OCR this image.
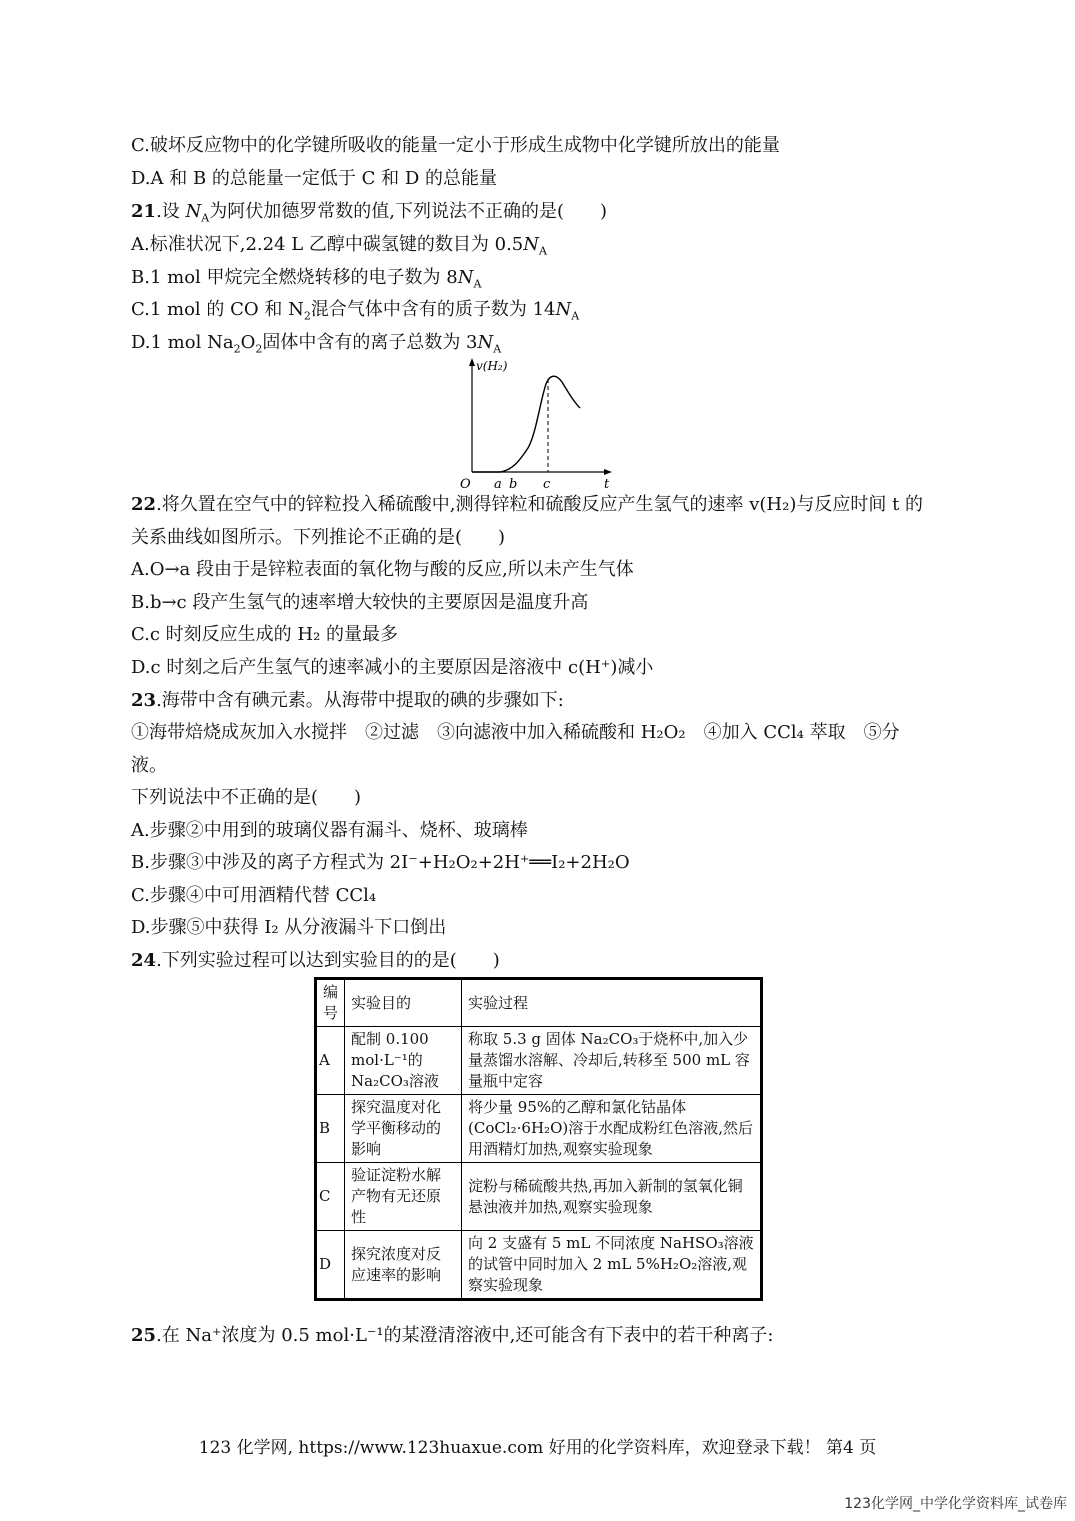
C.破坏反应物中的化学键所吸收的能量一定小于形成生成物中化学键所放出的能量
D.A 和 B 的总能量一定低于 C 和 D 的总能量
21.设 $N_A$为阿伏加德罗常数的值,下列说法不正确的是(　　)
A.标准状况下,2.24 L 乙醇中碳氢键的数目为 $0.5N_A$
B.1 mol 甲烷完全燃烧转移的电子数为 $8N_A$
C.1 mol 的 CO 和 $N_2$混合气体中含有的质子数为 $14N_A$
D.1 mol $Na_2O_2$固体中含有的离子总数为 $3N_A$
v(H₂)
O a b c	t
22.将久置在空气中的锌粒投入稀硫酸中,测得锌粒和硫酸反应产生氢气的速率 v(H₂)与反应时间 t 的
关系曲线如图所示。下列推论不正确的是(　　)
A.O→a 段由于是锌粒表面的氧化物与酸的反应,所以未产生气体
B.b→c 段产生氢气的速率增大较快的主要原因是温度升高
C.c 时刻反应生成的 H₂ 的量最多
D.c 时刻之后产生氢气的速率减小的主要原因是溶液中 c(H⁺)减小
23.海带中含有碘元素。从海带中提取的碘的步骤如下:
①海带焙烧成灰加入水搅拌　②过滤　③向滤液中加入稀硫酸和 H₂O₂　④加入 CCl₄ 萃取　⑤分
液。
下列说法中不正确的是(　　)
A.步骤②中用到的玻璃仪器有漏斗、烧杯、玻璃棒
B.步骤③中涉及的离子方程式为 2I⁻+H₂O₂+2H⁺══I₂+2H₂O
C.步骤④中可用酒精代替 CCl₄
D.步骤⑤中获得 I₂ 从分液漏斗下口倒出
24.下列实验过程可以达到实验目的的是(　　)
编号	实验目的	实验过程
A	配制 0.100 mol·L⁻¹的 Na₂CO₃溶液	称取 5.3 g 固体 Na₂CO₃于烧杯中,加入少量蒸馏水溶解、冷却后,转移至 500 mL 容量瓶中定容
B	探究温度对化学平衡移动的影响	将少量 95%的乙醇和氯化钴晶体(CoCl₂·6H₂O)溶于水配成粉红色溶液,然后用酒精灯加热,观察实验现象
C	验证淀粉水解产物有无还原性	淀粉与稀硫酸共热,再加入新制的氢氧化铜悬浊液并加热,观察实验现象
D	探究浓度对反应速率的影响	向 2 支盛有 5 mL 不同浓度 NaHSO₃溶液的试管中同时加入 2 mL 5%H₂O₂溶液,观察实验现象
25.在 Na⁺浓度为 0.5 mol·L⁻¹的某澄清溶液中,还可能含有下表中的若干种离子:
123 化学网, https://www.123huaxue.com 好用的化学资料库，欢迎登录下载！ 第4 页
123化学网_中学化学资料库_试卷库
